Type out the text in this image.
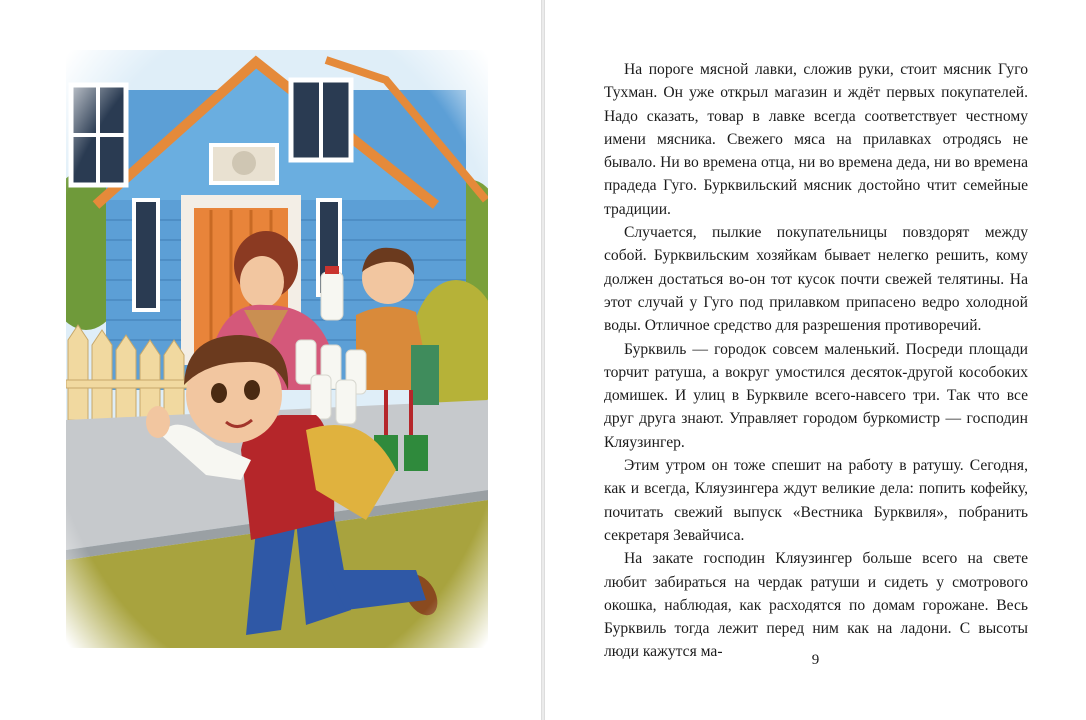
На пороге мясной лавки, сложив руки, стоит мясник Гуго Тухман. Он уже открыл магазин и ждёт первых покупателей. Надо сказать, товар в лавке всегда соответствует честному имени мясника. Свежего мяса на прилавках отродясь не бывало. Ни во времена отца, ни во времена деда, ни во времена прадеда Гуго. Бурквильский мясник достойно чтит семейные традиции.

Случается, пылкие покупательницы повздорят между собой. Бурквильским хозяйкам бывает нелегко решить, кому должен достаться во-он тот кусок почти свежей телятины. На этот случай у Гуго под прилавком припасено ведро холодной воды. Отличное средство для разрешения противоречий.

Бурквиль — городок совсем маленький. Посреди площади торчит ратуша, а вокруг умостился десяток-другой кособоких домишек. И улиц в Бурквиле всего-навсего три. Так что все друг друга знают. Управляет городом буркомистр — господин Кляузингер.

Этим утром он тоже спешит на работу в ратушу. Сегодня, как и всегда, Кляузингера ждут великие дела: попить кофейку, почитать свежий выпуск «Вестника Бурквиля», побранить секретаря Зевайчиса.

На закате господин Кляузингер больше всего на свете любит забираться на чердак ратуши и сидеть у смотрового окошка, наблюдая, как расходятся по домам горожане. Весь Бурквиль тогда лежит перед ним как на ладони. С высоты люди кажутся ма-	9
